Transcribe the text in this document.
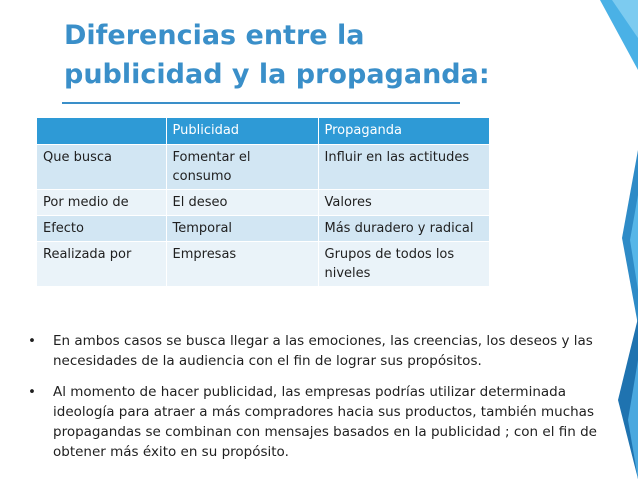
Diferencias entre la
publicidad y la propaganda:
	Publicidad	Propaganda
Que busca	Fomentar el consumo	Influir en las actitudes
Por medio de	El deseo	Valores
Efecto	Temporal	Más duradero y radical
Realizada por	Empresas	Grupos de todos los niveles
• En ambos casos se busca llegar a las emociones, las creencias, los deseos y las necesidades de la audiencia con el fin de lograr sus propósitos.
• Al momento de hacer publicidad, las empresas podrías utilizar determinada ideología para atraer a más compradores hacia sus productos, también muchas propagandas se combinan con mensajes basados en la publicidad ; con el fin de obtener más éxito en su propósito.
